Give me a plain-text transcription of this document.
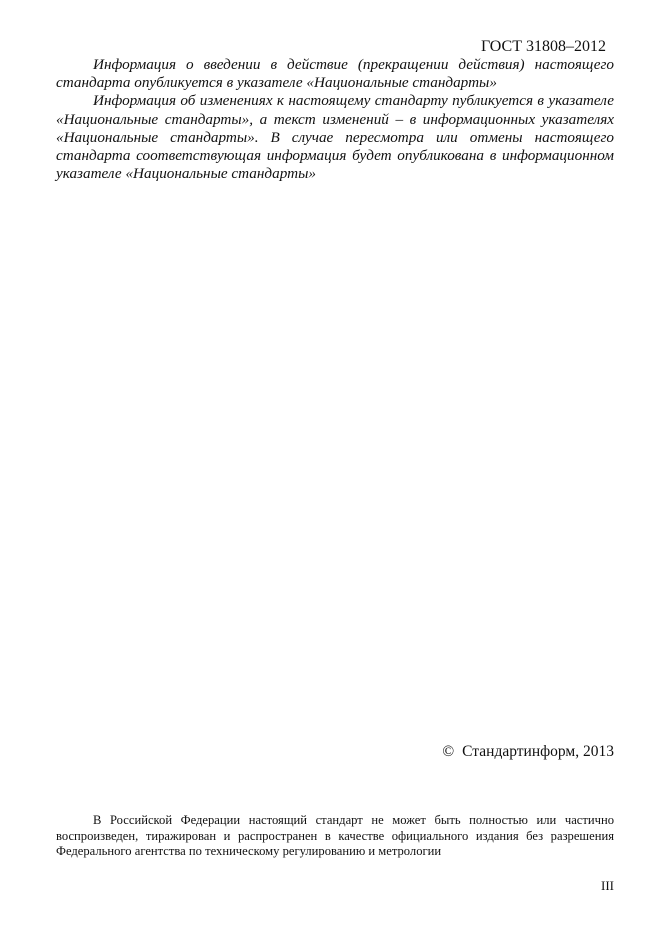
ГОСТ 31808–2012

Информация о введении в действие (прекращении действия) настоящего стандарта опубликуется в указателе «Национальные стандарты»

Информация об изменениях к настоящему стандарту публикуется в указателе «Национальные стандарты», а текст изменений – в информационных указателях «Национальные стандарты». В случае пересмотра или отмены настоящего стандарта соответствующая информация будет опубликована в информационном указателе «Национальные стандарты»

© Стандартинформ, 2013

В Российской Федерации настоящий стандарт не может быть полностью или частично воспроизведен, тиражирован и распространен в качестве официального издания без разрешения Федерального агентства по техническому регулированию и метрологии

III
